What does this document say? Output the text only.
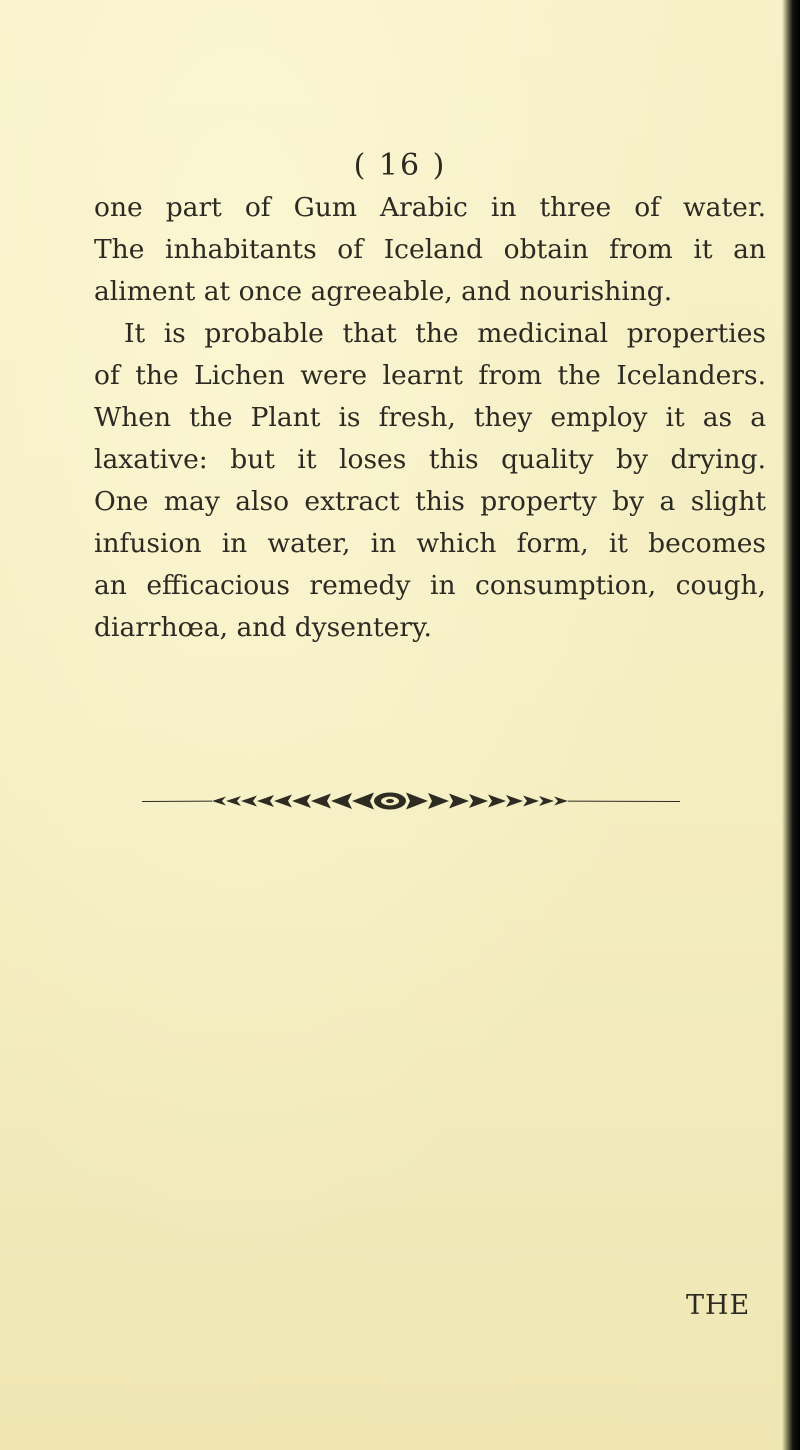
( 16 )
one part of Gum Arabic in three of water.
The inhabitants of Iceland obtain from it an
aliment at once agreeable, and nourishing.
It is probable that the medicinal properties
of the Lichen were learnt from the Icelanders.
When the Plant is fresh, they employ it as a
laxative: but it loses this quality by drying.
One may also extract this property by a slight
infusion in water, in which form, it becomes
an efficacious remedy in consumption, cough,
diarrhœa, and dysentery.
THE
